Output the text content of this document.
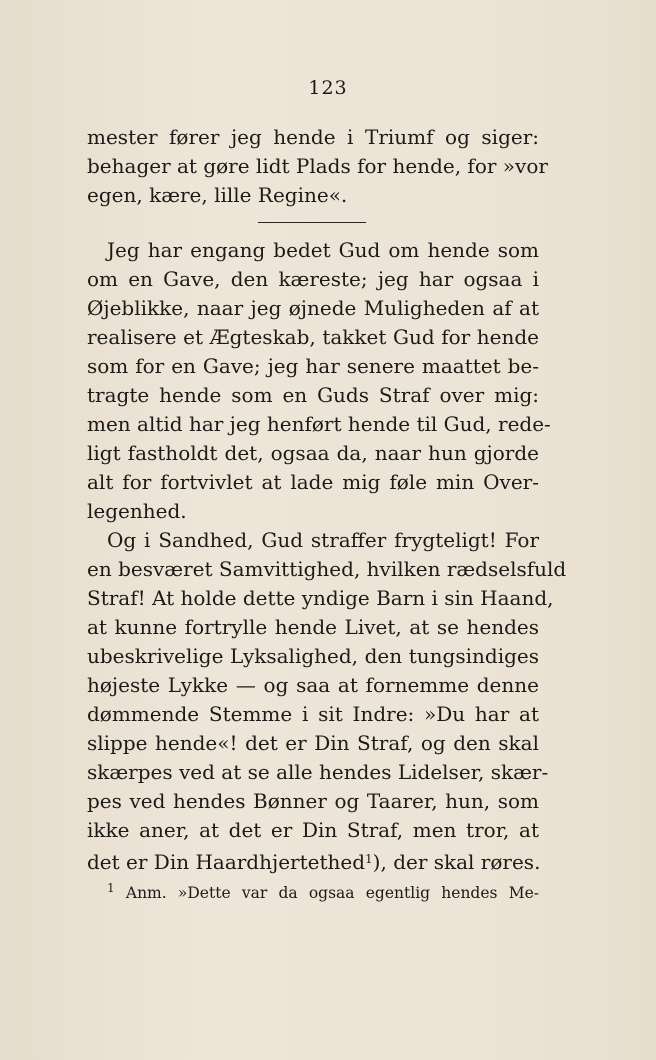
123
mester fører jeg hende i Triumf og siger:
behager at gøre lidt Plads for hende, for »vor
egen, kære, lille Regine«.
Jeg har engang bedet Gud om hende som
om en Gave, den kæreste; jeg har ogsaa i
Øjeblikke, naar jeg øjnede Muligheden af at
realisere et Ægteskab, takket Gud for hende
som for en Gave; jeg har senere maattet be-
tragte hende som en Guds Straf over mig:
men altid har jeg henført hende til Gud, rede-
ligt fastholdt det, ogsaa da, naar hun gjorde
alt for fortvivlet at lade mig føle min Over-
legenhed.
Og i Sandhed, Gud straffer frygteligt! For
en besværet Samvittighed, hvilken rædselsfuld
Straf! At holde dette yndige Barn i sin Haand,
at kunne fortrylle hende Livet, at se hendes
ubeskrivelige Lyksalighed, den tungsindiges
højeste Lykke — og saa at fornemme denne
dømmende Stemme i sit Indre: »Du har at
slippe hende«! det er Din Straf, og den skal
skærpes ved at se alle hendes Lidelser, skær-
pes ved hendes Bønner og Taarer, hun, som
ikke aner, at det er Din Straf, men tror, at
det er Din Haardhjertethed$^1$), der skal røres.
$^1$ Anm. »Dette var da ogsaa egentlig hendes Me-
